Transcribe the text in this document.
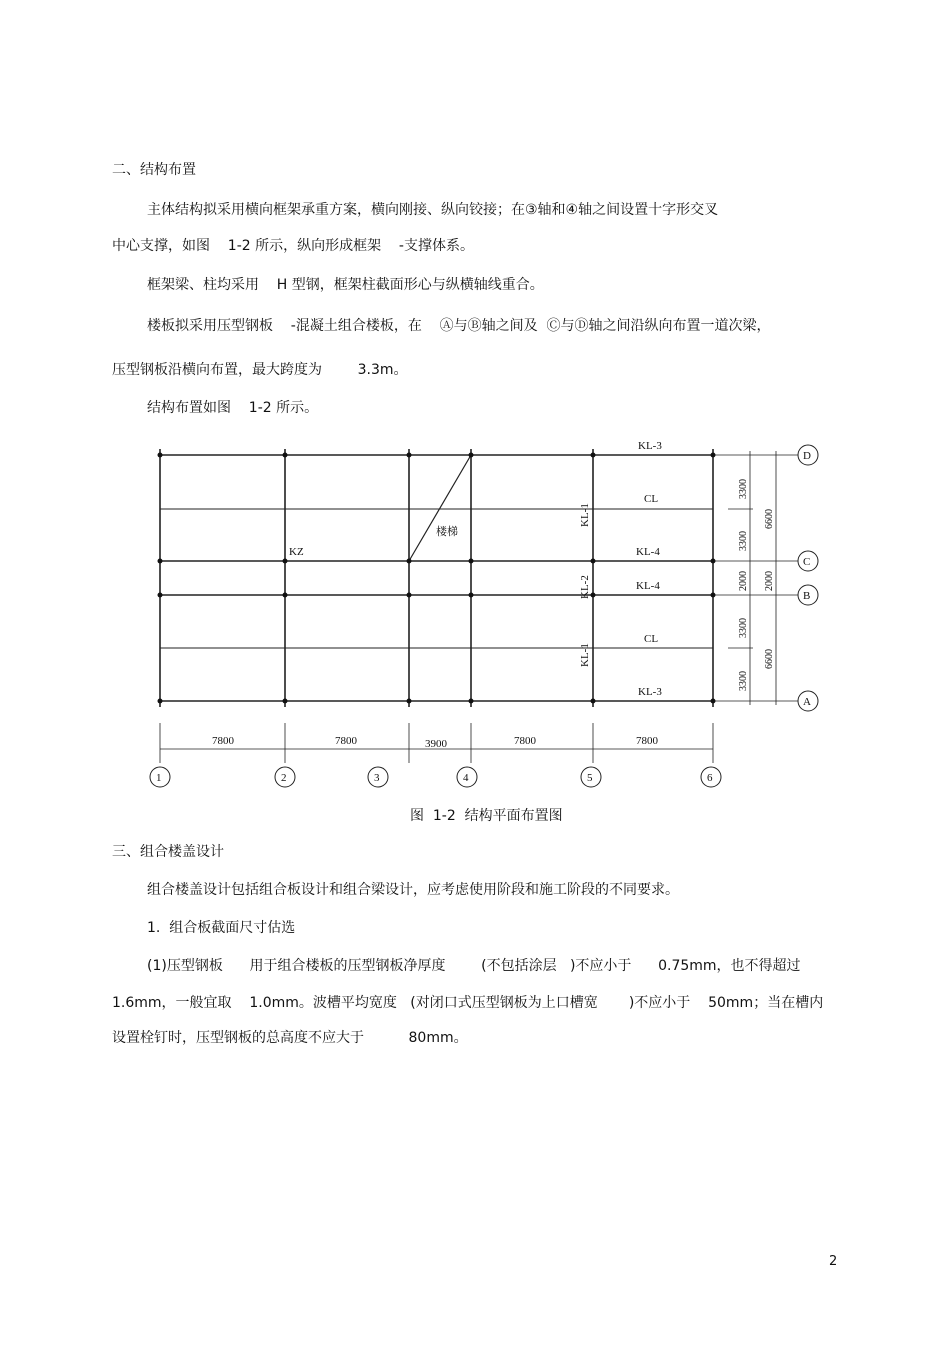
二、结构布置
主体结构拟采用横向框架承重方案，横向刚接、纵向铰接；在③轴和④轴之间设置十字形交叉
中心支撑，如图    1-2 所示，纵向形成框架    -支撑体系。
框架梁、柱均采用    H 型钢，框架柱截面形心与纵横轴线重合。
楼板拟采用压型钢板    -混凝土组合楼板，在    Ⓐ与Ⓑ轴之间及  Ⓒ与Ⓓ轴之间沿纵向布置一道次梁，
压型钢板沿横向布置，最大跨度为        3.3m。
结构布置如图    1-2 所示。
KL-3
CL
KL-4
KL-4
CL
KL-3
KL-1
KL-2
KL-1
KZ
楼梯
3300
3300
2000
3300
3300
6600
2000
6600
7800	7800	3900	7800	7800
1	2	3	4	5	6
D
C
B
A
图  1-2  结构平面布置图
三、组合楼盖设计
组合楼盖设计包括组合板设计和组合梁设计，应考虑使用阶段和施工阶段的不同要求。
1.  组合板截面尺寸估选
(1)压型钢板      用于组合楼板的压型钢板净厚度        (不包括涂层   )不应小于      0.75mm，也不得超过
1.6mm，一般宜取    1.0mm。波槽平均宽度   (对闭口式压型钢板为上口槽宽       )不应小于    50mm；当在槽内
设置栓钉时，压型钢板的总高度不应大于          80mm。
2
